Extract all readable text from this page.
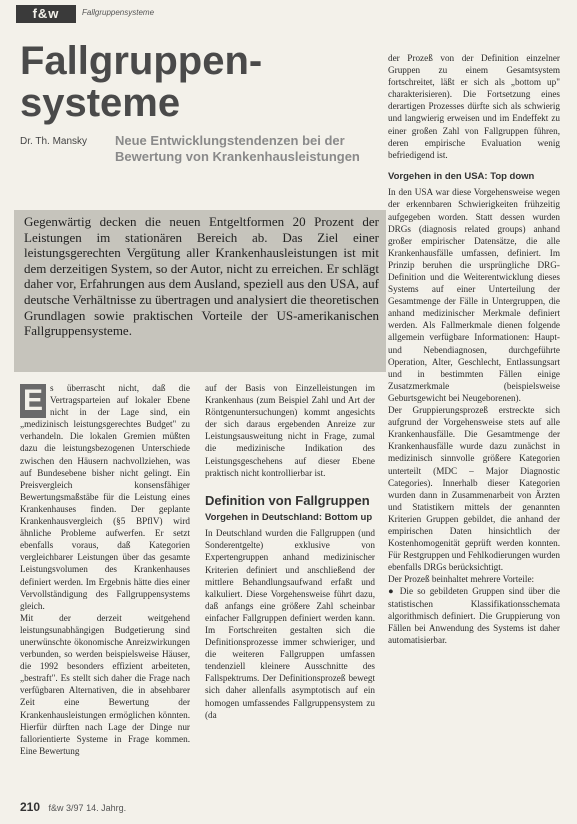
f&w	Fallgruppensysteme
Fallgruppen-systeme
Dr. Th. Mansky Neue Entwicklungstendenzen bei der Bewertung von Krankenhausleistungen
Gegenwärtig decken die neuen Entgeltformen 20 Prozent der Leistungen im stationären Bereich ab. Das Ziel einer leistungsgerechten Vergütung aller Krankenhausleistungen ist mit dem derzeitigen System, so der Autor, nicht zu erreichen. Er schlägt daher vor, Erfahrungen aus dem Ausland, speziell aus den USA, auf deutsche Verhältnisse zu übertragen und analysiert die theoretischen Grundlagen sowie praktischen Vorteile der US-amerikanischen Fallgruppensysteme.
E s überrascht nicht, daß die Vertragsparteien auf lokaler Ebene nicht in der Lage sind, ein „medizinisch leistungsgerechtes Budget" zu verhandeln. Die lokalen Gremien müßten dazu die leistungsbezogenen Unterschiede zwischen den Häusern nachvollziehen, was auf Bundesebene bisher nicht gelingt. Ein Preisvergleich konsensfähiger Bewertungsmaßstäbe für die Leistung eines Krankenhauses finden. Der geplante Krankenhausvergleich (§5 BPflV) wird ähnliche Probleme aufwerfen. Er setzt ebenfalls voraus, daß Kategorien vergleichbarer Leistungen über das gesamte Leistungsvolumen des Krankenhauses definiert werden. Im Ergebnis hätte dies einer Vervollständigung des Fallgruppensystems gleich.

Mit der derzeit weitgehend leistungsunabhängigen Budgetierung sind unerwünschte ökonomische Anreizwirkungen verbunden, so werden beispielsweise Häuser, die 1992 besonders effizient arbeiteten, „bestraft". Es stellt sich daher die Frage nach verfügbaren Alternativen, die in absehbarer Zeit eine Bewertung der Krankenhausleistungen ermöglichen könnten. Hierfür dürften nach Lage der Dinge nur fallorientierte Systeme in Frage kommen. Eine Bewertung

auf der Basis von Einzelleistungen im Krankenhaus (zum Beispiel Zahl und Art der Röntgenuntersuchungen) kommt angesichts der sich daraus ergebenden Anreize zur Leistungsausweitung nicht in Frage, zumal die medizinische Indikation des Leistungsgeschehens auf dieser Ebene praktisch nicht kontrollierbar ist.

Definition von Fallgruppen
Vorgehen in Deutschland: Bottom up

In Deutschland wurden die Fallgruppen (und Sonderentgelte) exklusive von Expertengruppen anhand medizinischer Kriterien definiert und anschließend der mittlere Behandlungsaufwand erfaßt und kalkuliert. Diese Vorgehensweise führt dazu, daß anfangs eine größere Zahl scheinbar einfacher Fallgruppen definiert werden kann. Im Fortschreiten gestalten sich die Definitionsprozesse immer schwieriger, und die weiteren Fallgruppen umfassen tendenziell kleinere Ausschnitte des Fallspektrums. Der Definitionsprozeß bewegt sich daher allenfalls asymptotisch auf ein homogen umfassendes Fallgruppensystem zu (da

der Prozeß von der Definition einzelner Gruppen zu einem Gesamtsystem fortschreitet, läßt er sich als „bottom up" charakterisieren). Die Fortsetzung eines derartigen Prozesses dürfte sich als schwierig und langwierig erweisen und im Endeffekt zu einer großen Zahl von Fallgruppen führen, deren empirische Evaluation wenig befriedigend ist.

Vorgehen in den USA: Top down

In den USA war diese Vorgehensweise wegen der erkennbaren Schwierigkeiten frühzeitig aufgegeben worden. Statt dessen wurden DRGs (diagnosis related groups) anhand großer empirischer Datensätze, die alle Krankenhausfälle umfassen, definiert. Im Prinzip beruhen die ursprüngliche DRG-Definition und die Weiterentwicklung dieses Systems auf einer Unterteilung der Gesamtmenge der Fälle in Untergruppen, die anhand medizinischer Merkmale definiert werden. Als Fallmerkmale dienen folgende allgemein verfügbare Informationen: Haupt- und Nebendiagnosen, durchgeführte Operation, Alter, Geschlecht, Entlassungsart und in bestimmten Fällen einige Zusatzmerkmale (beispielsweise Geburtsgewicht bei Neugeborenen).

Der Gruppierungsprozeß erstreckte sich aufgrund der Vorgehensweise stets auf alle Krankenhausfälle. Die Gesamtmenge der Krankenhausfälle wurde dazu zunächst in medizinisch sinnvolle größere Kategorien unterteilt (MDC – Major Diagnostic Categories). Innerhalb dieser Kategorien wurden dann in Zusammenarbeit von Ärzten und Statistikern mittels der genannten Kriterien Gruppen gebildet, die anhand der empirischen Daten hinsichtlich der Kostenhomogenität geprüft werden konnten. Für Restgruppen und Fehlkodierungen wurden ebenfalls DRGs berücksichtigt.

Der Prozeß beinhaltet mehrere Vorteile:

● Die so gebildeten Gruppen sind über die statistischen Klassifikationsschemata algorithmisch definiert. Die Gruppierung von Fällen bei Anwendung des Systems ist daher automatisierbar.

210 f&w 3/97 14. Jahrg.
